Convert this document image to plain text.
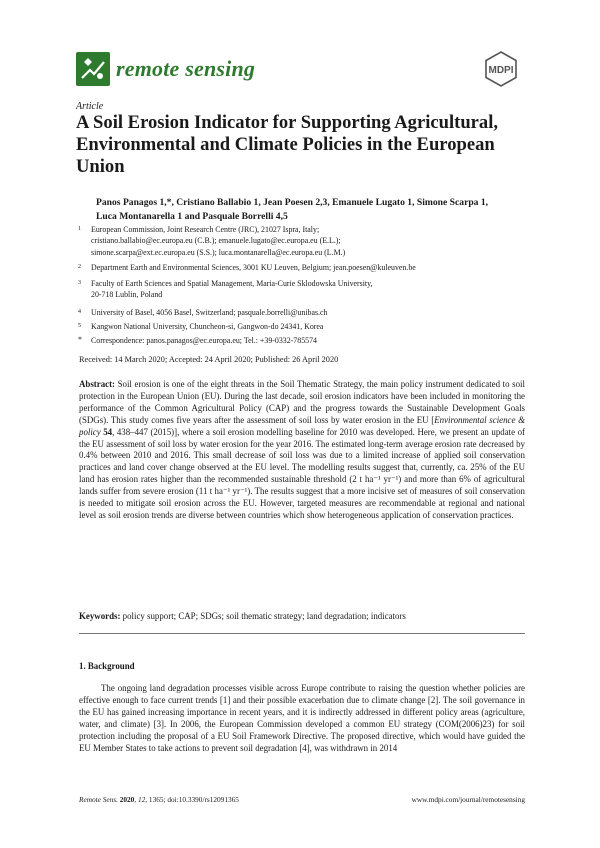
remote sensing	MDPI
Article
A Soil Erosion Indicator for Supporting Agricultural, Environmental and Climate Policies in the European Union
Panos Panagos 1,*, Cristiano Ballabio 1, Jean Poesen 2,3, Emanuele Lugato 1, Simone Scarpa 1,
Luca Montanarella 1 and Pasquale Borrelli 4,5
1 European Commission, Joint Research Centre (JRC), 21027 Ispra, Italy;
cristiano.ballabio@ec.europa.eu (C.B.); emanuele.lugato@ec.europa.eu (E.L.);
simone.scarpa@ext.ec.europa.eu (S.S.); luca.montanarella@ec.europa.eu (L.M.)
2 Department Earth and Environmental Sciences, 3001 KU Leuven, Belgium; jean.poesen@kuleuven.be
3 Faculty of Earth Sciences and Spatial Management, Maria-Curie Sklodowska University,
20-718 Lublin, Poland
4 University of Basel, 4056 Basel, Switzerland; pasquale.borrelli@unibas.ch
5 Kangwon National University, Chuncheon-si, Gangwon-do 24341, Korea
* Correspondence: panos.panagos@ec.europa.eu; Tel.: +39-0332-785574
Received: 14 March 2020; Accepted: 24 April 2020; Published: 26 April 2020
Abstract: Soil erosion is one of the eight threats in the Soil Thematic Strategy, the main policy instrument dedicated to soil protection in the European Union (EU). During the last decade, soil erosion indicators have been included in monitoring the performance of the Common Agricultural Policy (CAP) and the progress towards the Sustainable Development Goals (SDGs). This study comes five years after the assessment of soil loss by water erosion in the EU [Environmental science & policy 54, 438–447 (2015)], where a soil erosion modelling baseline for 2010 was developed. Here, we present an update of the EU assessment of soil loss by water erosion for the year 2016. The estimated long-term average erosion rate decreased by 0.4% between 2010 and 2016. This small decrease of soil loss was due to a limited increase of applied soil conservation practices and land cover change observed at the EU level. The modelling results suggest that, currently, ca. 25% of the EU land has erosion rates higher than the recommended sustainable threshold (2 t ha⁻¹ yr⁻¹) and more than 6% of agricultural lands suffer from severe erosion (11 t ha⁻¹ yr⁻¹). The results suggest that a more incisive set of measures of soil conservation is needed to mitigate soil erosion across the EU. However, targeted measures are recommendable at regional and national level as soil erosion trends are diverse between countries which show heterogeneous application of conservation practices.
Keywords: policy support; CAP; SDGs; soil thematic strategy; land degradation; indicators
1. Background
The ongoing land degradation processes visible across Europe contribute to raising the question whether policies are effective enough to face current trends [1] and their possible exacerbation due to climate change [2]. The soil governance in the EU has gained increasing importance in recent years, and it is indirectly addressed in different policy areas (agriculture, water, and climate) [3]. In 2006, the European Commission developed a common EU strategy (COM(2006)23) for soil protection including the proposal of a EU Soil Framework Directive. The proposed directive, which would have guided the EU Member States to take actions to prevent soil degradation [4], was withdrawn in 2014
Remote Sens. 2020, 12, 1365; doi:10.3390/rs12091365	www.mdpi.com/journal/remotesensing
